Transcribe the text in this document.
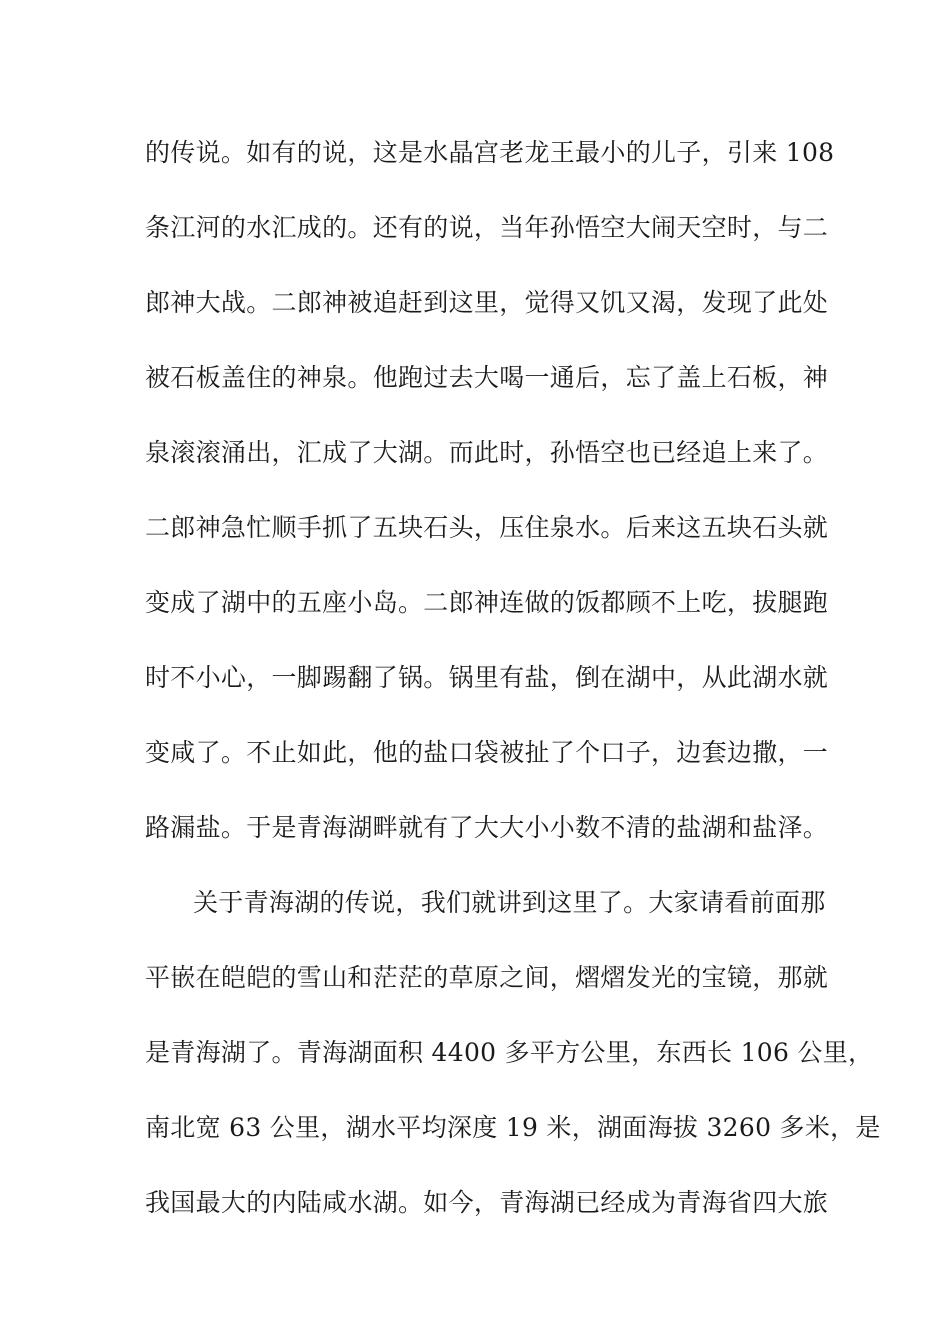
的传说。如有的说，这是水晶宫老龙王最小的儿子，引来 108
条江河的水汇成的。还有的说，当年孙悟空大闹天空时，与二
郎神大战。二郎神被追赶到这里，觉得又饥又渴，发现了此处
被石板盖住的神泉。他跑过去大喝一通后，忘了盖上石板，神
泉滚滚涌出，汇成了大湖。而此时，孙悟空也已经追上来了。
二郎神急忙顺手抓了五块石头，压住泉水。后来这五块石头就
变成了湖中的五座小岛。二郎神连做的饭都顾不上吃，拔腿跑
时不小心，一脚踢翻了锅。锅里有盐，倒在湖中，从此湖水就
变咸了。不止如此，他的盐口袋被扯了个口子，边套边撒，一
路漏盐。于是青海湖畔就有了大大小小数不清的盐湖和盐泽。
关于青海湖的传说，我们就讲到这里了。大家请看前面那
平嵌在皑皑的雪山和茫茫的草原之间，熠熠发光的宝镜，那就
是青海湖了。青海湖面积 4400 多平方公里，东西长 106 公里，
南北宽 63 公里，湖水平均深度 19 米，湖面海拔 3260 多米，是
我国最大的内陆咸水湖。如今，青海湖已经成为青海省四大旅
